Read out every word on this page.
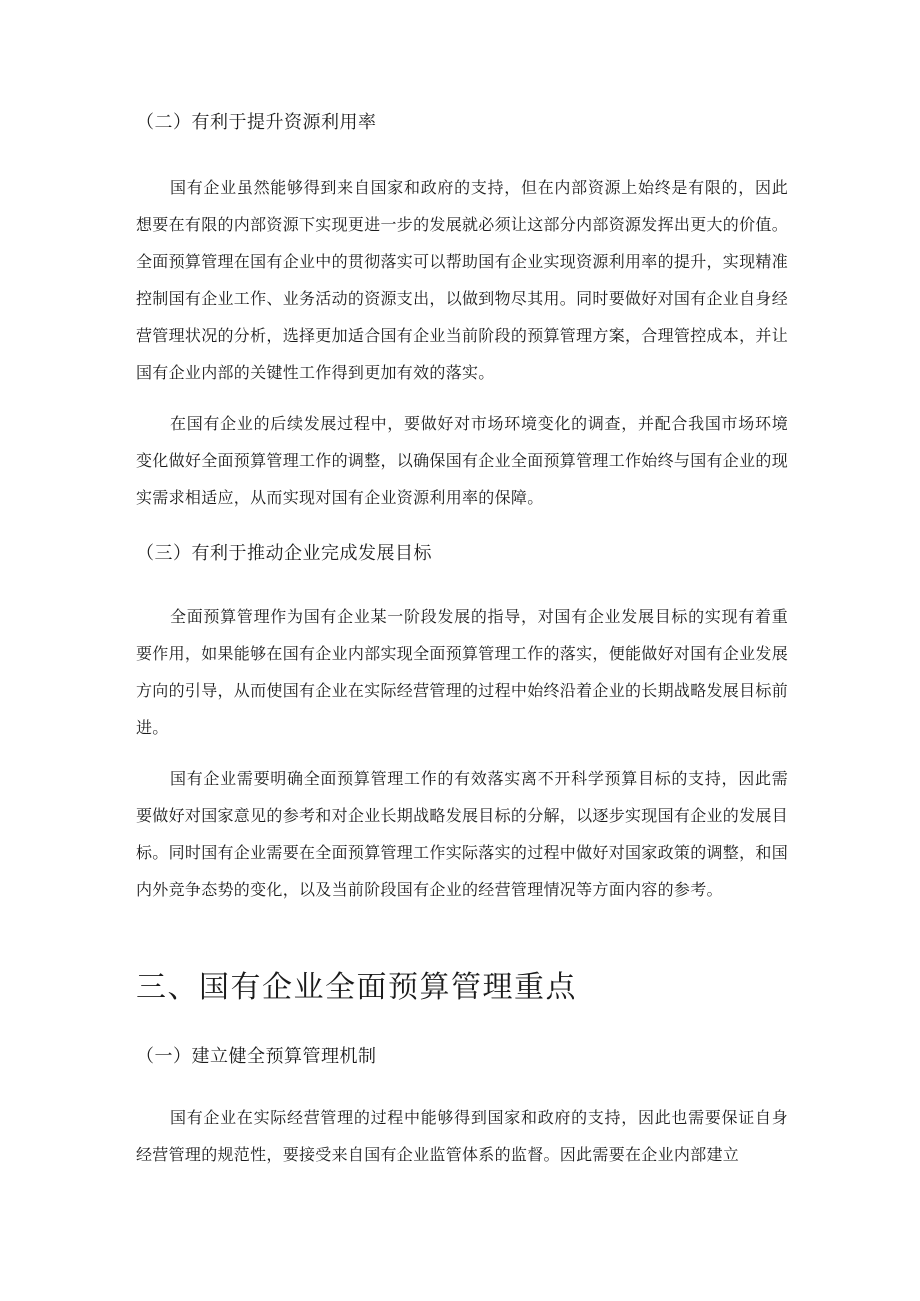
（二）有利于提升资源利用率
国有企业虽然能够得到来自国家和政府的支持，但在内部资源上始终是有限的，因此想要在有限的内部资源下实现更进一步的发展就必须让这部分内部资源发挥出更大的价值。全面预算管理在国有企业中的贯彻落实可以帮助国有企业实现资源利用率的提升，实现精准控制国有企业工作、业务活动的资源支出，以做到物尽其用。同时要做好对国有企业自身经营管理状况的分析，选择更加适合国有企业当前阶段的预算管理方案，合理管控成本，并让国有企业内部的关键性工作得到更加有效的落实。
在国有企业的后续发展过程中，要做好对市场环境变化的调查，并配合我国市场环境变化做好全面预算管理工作的调整，以确保国有企业全面预算管理工作始终与国有企业的现实需求相适应，从而实现对国有企业资源利用率的保障。
（三）有利于推动企业完成发展目标
全面预算管理作为国有企业某一阶段发展的指导，对国有企业发展目标的实现有着重要作用，如果能够在国有企业内部实现全面预算管理工作的落实，便能做好对国有企业发展方向的引导，从而使国有企业在实际经营管理的过程中始终沿着企业的长期战略发展目标前进。
国有企业需要明确全面预算管理工作的有效落实离不开科学预算目标的支持，因此需要做好对国家意见的参考和对企业长期战略发展目标的分解，以逐步实现国有企业的发展目标。同时国有企业需要在全面预算管理工作实际落实的过程中做好对国家政策的调整，和国内外竞争态势的变化，以及当前阶段国有企业的经营管理情况等方面内容的参考。
三、国有企业全面预算管理重点
（一）建立健全预算管理机制
国有企业在实际经营管理的过程中能够得到国家和政府的支持，因此也需要保证自身经营管理的规范性，要接受来自国有企业监管体系的监督。因此需要在企业内部建立
